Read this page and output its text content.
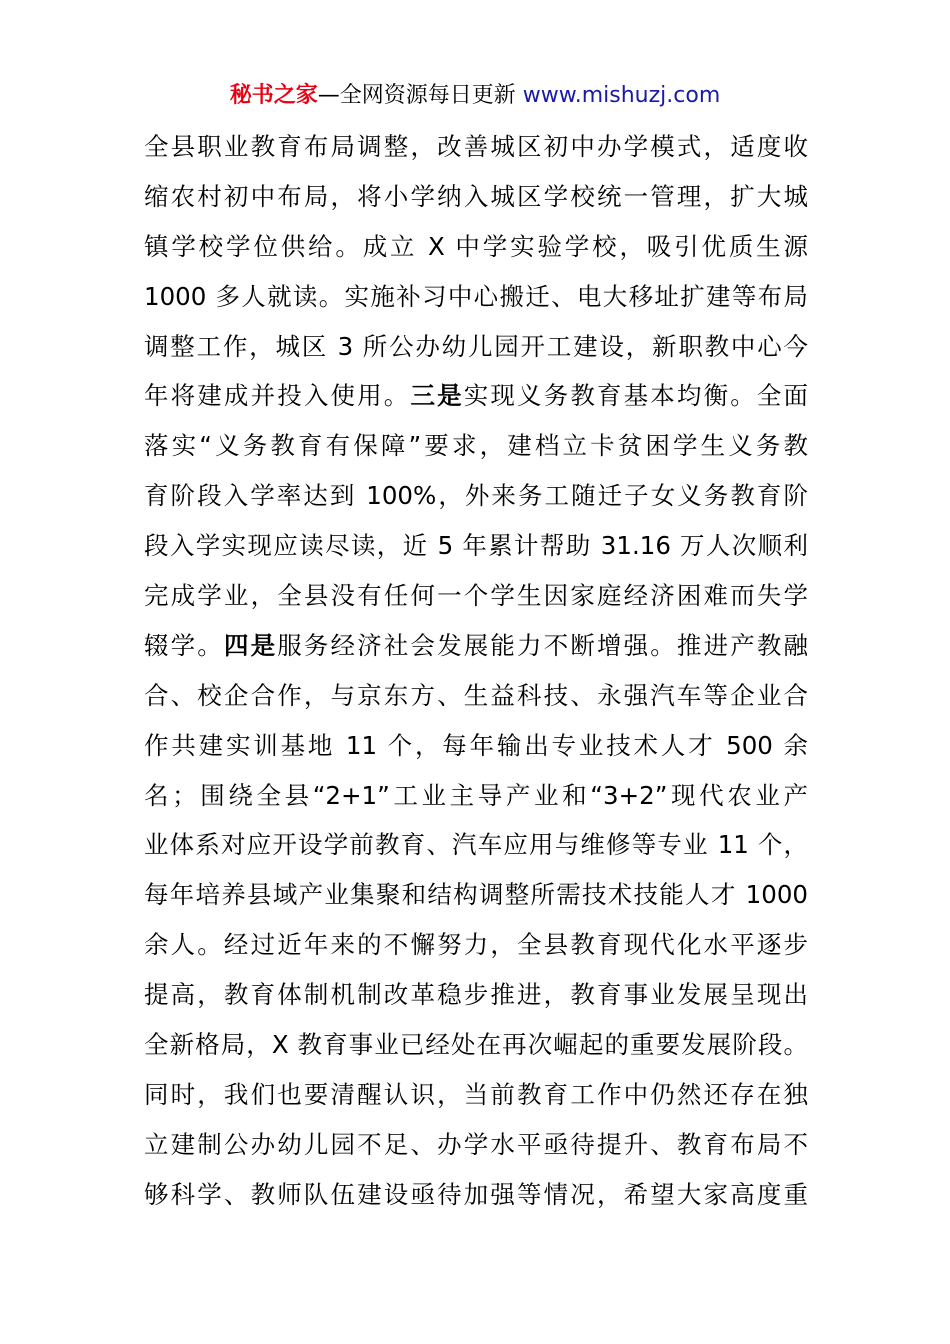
秘书之家—全网资源每日更新 www.mishuzj.com
全县职业教育布局调整，改善城区初中办学模式，适度收
缩农村初中布局，将小学纳入城区学校统一管理，扩大城
镇学校学位供给。成立 X 中学实验学校，吸引优质生源
1000 多人就读。实施补习中心搬迁、电大移址扩建等布局
调整工作，城区 3 所公办幼儿园开工建设，新职教中心今
年将建成并投入使用。三是实现义务教育基本均衡。全面
落实“义务教育有保障”要求，建档立卡贫困学生义务教
育阶段入学率达到 100%，外来务工随迁子女义务教育阶
段入学实现应读尽读，近 5 年累计帮助 31.16 万人次顺利
完成学业，全县没有任何一个学生因家庭经济困难而失学
辍学。四是服务经济社会发展能力不断增强。推进产教融
合、校企合作，与京东方、生益科技、永强汽车等企业合
作共建实训基地 11 个，每年输出专业技术人才 500 余
名；围绕全县“2+1”工业主导产业和“3+2”现代农业产
业体系对应开设学前教育、汽车应用与维修等专业 11 个，
每年培养县域产业集聚和结构调整所需技术技能人才 1000
余人。经过近年来的不懈努力，全县教育现代化水平逐步
提高，教育体制机制改革稳步推进，教育事业发展呈现出
全新格局，X 教育事业已经处在再次崛起的重要发展阶段。
同时，我们也要清醒认识，当前教育工作中仍然还存在独
立建制公办幼儿园不足、办学水平亟待提升、教育布局不
够科学、教师队伍建设亟待加强等情况，希望大家高度重
